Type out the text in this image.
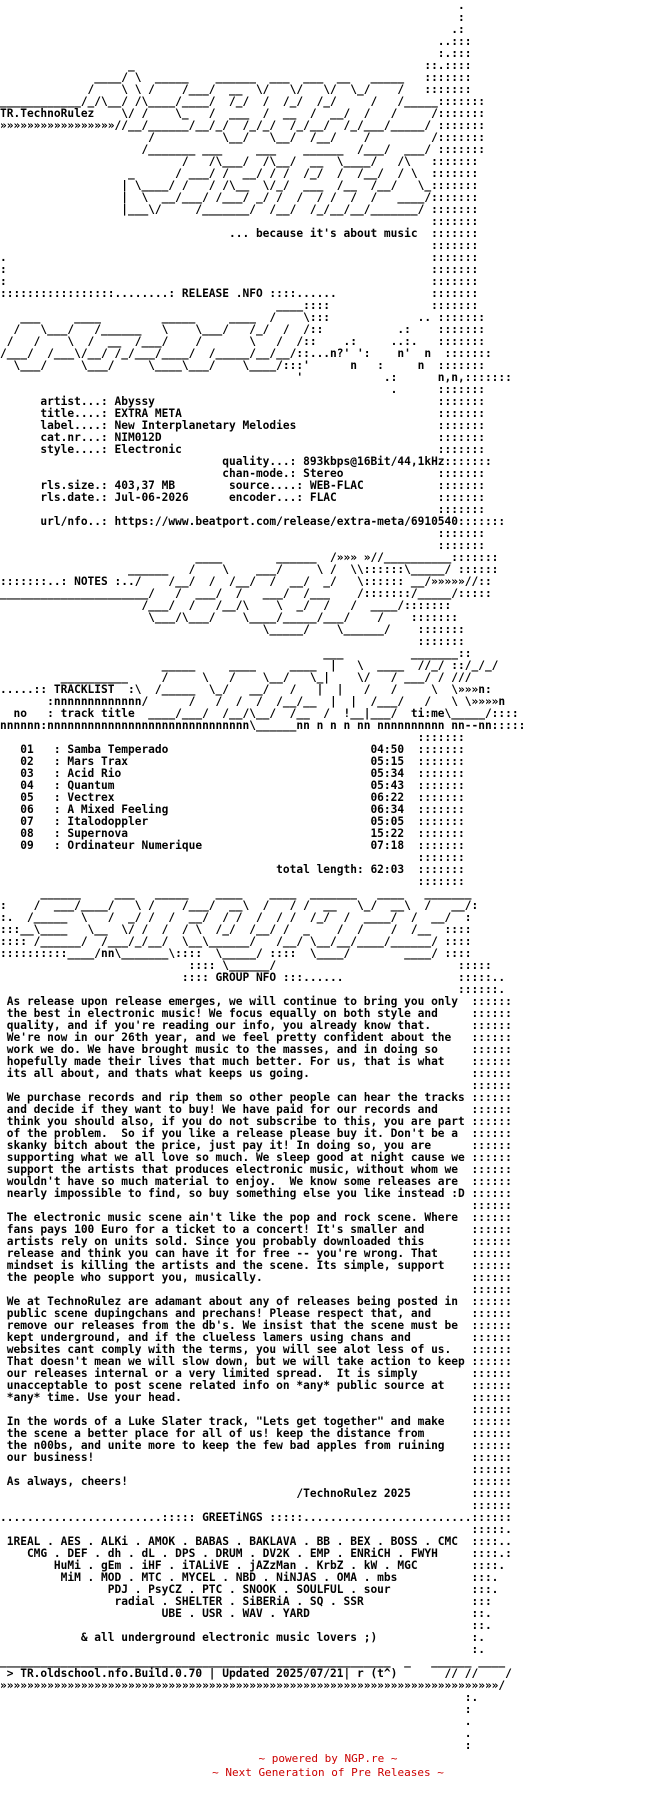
.
:
.:
..:::
:.:::
_                                           ::.::::
____/ \  _____    ______  ___  ___  __   _____   :::::::
/    \ \ /    /___/  __  \/   \/   \/  \_/    /   :::::::
____________/_/\__/ /\____/____/  /_/  /  /_/  /_/     /   /_____:::::::
TR.TechnoRulez    \/ /    \_   /  ___  /  __  /  __/  /   /     /:::::::
»»»»»»»»»»»»»»»»»//__/______/__/_/  /_/_/  /_/__/  /_/___/_____/ :::::::
/          \__/   \__/  /__/    /         /:::::::
/_______ ___     ___    ______  /___/  ___/ :::::::
/   /\___/  /\__/  __  \____/   /\   :::::::
_      / ___/ /  __/ / /  /_/  /  /__/  / \  :::::::
| \____/ /   / /\__  \/_/  ___  /__  /__/   \_:::::::
|  \  __/___/ /___/ _/ /  /  / /  /  /   ____/:::::::
|___\/     /_______/  /__/  /_/__/__/_______/ :::::::
:::::::
... because it's about music  :::::::
:::::::
.                                                               :::::::
:                                                               :::::::
:                                                               :::::::
:::::::::::::::::........: RELEASE .NFO ::::......              :::::::
____::::               :::::::
___     ____         _____     ____  /    \:::             .. :::::::
/   \___/   /______   \    \___/   /_/  /  /::           .:    :::::::
/   /    \  /  __  /___/    /       \   /  /::    .:     ..:.   :::::::
/___/  /___\/__/ /_/___/____/  /_____/__/__/::...n?' ':    n'  n  :::::::
\___/     \___/     \____\___/    \____/:::'      n   :     n  :::::::
'            .:      n,n,:::::::
.      :::::::
artist...: Abyssy                                          :::::::
title....: EXTRA META                                      :::::::
label....: New Interplanetary Melodies                     :::::::
cat.nr...: NIM012D                                         :::::::
style....: Electronic                                      :::::::
quality...: 893kbps@16Bit/44,1kHz:::::::
chan-mode.: Stereo              :::::::
rls.size.: 403,37 MB        source....: WEB-FLAC           :::::::
rls.date.: Jul-06-2026      encoder...: FLAC               :::::::
:::::::
url/nfo..: https://www.beatport.com/release/extra-meta/6910540:::::::
:::::::
:::::::
____        ______  /»»» »//__________:::::::
______   /    \    ___/     \ /  \\::::::\_____/ ::::::
:::::::..: NOTES :../    /__/  /  /__/  /  __/  _/   \:::::: __/»»»»»//::
______________________/   /  ___/  /   ___/  /___    /:::::::/_____/:::::
/___/  /   /__/\    \  _/  /   /  ____/:::::::
\___/\___/    \____/_____/___/    /    :::::::
\_____/    \______/    :::::::
:::::::
___          _______::
_____     ____     ____  |   \  ____  //_/ ::/_/_/
__________     /     \   /    \__/   \_|    \/   / ___/ / ///
.....:: TRACKLIST  :\  /_____  \_/   __/   /   |  |   /   /     \  \»»»n:
:nnnnnnnnnnnnn/      /   /  /  /  /__/__  |  |  /___/   /   \ \»»»»n
no   : track title  ____/___/  /__/\__/  /__  /  !__|___/  ti:me\_____/::::
nnnnnn:nnnnnnnnnnnnnnnnnnnnnnnnnnnnnn\______nn n n n nn nnnnnnnnnn nn--nn:::::
:::::::
01   : Samba Temperado                              04:50  :::::::
02   : Mars Trax                                    05:15  :::::::
03   : Acid Rio                                     05:34  :::::::
04   : Quantum                                      05:43  :::::::
05   : Vectrex                                      06:22  :::::::
06   : A Mixed Feeling                              06:34  :::::::
07   : Italodoppler                                 05:05  :::::::
08   : Supernova                                    15:22  :::::::
09   : Ordinateur Numerique                         07:18  :::::::
:::::::
total length: 62:03  :::::::
:::::::
______     ___   _____    ____    ____  _______   ____   _______
:    /  ___/____/   \ /    /___/  __\  /   / /  __   \_/  __\  /   __/:
:.  /_____  \   /  _/ /  /  __/  / /  /  / /  /_/  /  ____/  /  __/  :
:::__\____   \__  \/ /  /  / \  /_/  /__/ /  _    /  /    /  /__  ::::
:::: /______/  /___/_/__/  \__\______/   /__/ \__/__/____/______/ ::::
::::::::::____/nn\_______\::::  \_____/ ::::  \____/        ____/ ::::
:::: \______/                           :::::
:::: GROUP NFO :::......                 :::::..
::::::.
As release upon release emerges, we will continue to bring you only  ::::::
the best in electronic music! We focus equally on both style and     ::::::
quality, and if you're reading our info, you already know that.      ::::::
We're now in our 26th year, and we feel pretty confident about the   ::::::
work we do. We have brought music to the masses, and in doing so     ::::::
hopefully made their lives that much better. For us, that is what    ::::::
its all about, and thats what keeps us going.                        ::::::
::::::
We purchase records and rip them so other people can hear the tracks ::::::
and decide if they want to buy! We have paid for our records and     ::::::
think you should also, if you do not subscribe to this, you are part ::::::
of the problem.  So if you like a release please buy it. Don't be a  ::::::
skanky bitch about the price, just pay it! In doing so, you are      ::::::
supporting what we all love so much. We sleep good at night cause we ::::::
support the artists that produces electronic music, without whom we  ::::::
wouldn't have so much material to enjoy.  We know some releases are  ::::::
nearly impossible to find, so buy something else you like instead :D ::::::
::::::
The electronic music scene ain't like the pop and rock scene. Where  ::::::
fans pays 100 Euro for a ticket to a concert! It's smaller and       ::::::
artists rely on units sold. Since you probably downloaded this       ::::::
release and think you can have it for free -- you're wrong. That     ::::::
mindset is killing the artists and the scene. Its simple, support    ::::::
the people who support you, musically.                               ::::::
::::::
We at TechnoRulez are adamant about any of releases being posted in  ::::::
public scene dupingchans and prechans! Please respect that, and      ::::::
remove our releases from the db's. We insist that the scene must be  ::::::
kept underground, and if the clueless lamers using chans and         ::::::
websites cant comply with the terms, you will see alot less of us.   ::::::
That doesn't mean we will slow down, but we will take action to keep ::::::
our releases internal or a very limited spread.  It is simply        ::::::
unacceptable to post scene related info on *any* public source at    ::::::
*any* time. Use your head.                                           ::::::
::::::
In the words of a Luke Slater track, "Lets get together" and make    ::::::
the scene a better place for all of us! keep the distance from       ::::::
the n00bs, and unite more to keep the few bad apples from ruining    ::::::
our business!                                                        ::::::
::::::
As always, cheers!                                                   ::::::
/TechnoRulez 2025         ::::::
::::::
........................::::: GREETiNGS :::::.........................::::::
:::::.
1REAL . AES . ALKi . AMOK . BABAS . BAKLAVA . BB . BEX . BOSS . CMC  ::::..
CMG . DEF . dh . dL . DPS . DRUM . DV2K . EMP . ENRiCH . FWYH     ::::.:
HuMi . gEm . iHF . iTALiVE . jAZzMan . KrbZ . kW . MGC        ::::.
MiM . MOD . MTC . MYCEL . NBD . NiNJAS . OMA . mbs           :::.
PDJ . PsyCZ . PTC . SNOOK . SOULFUL . sour            :::.
radial . SHELTER . SiBERiA . SQ . SSR                :::
UBE . USR . WAV . YARD                        ::.
::.
& all underground electronic music lovers ;)              :.
:.
__________________________________________________________  _   ______ ____
> TR.oldschool.nfo.Build.0.70 | Updated 2025/07/21| r (t^)       // //    /
»»»»»»»»»»»»»»»»»»»»»»»»»»»»»»»»»»»»»»»»»»»»»»»»»»»»»»»»»»»»»»»»»»»»»»»»»»/
:.
:
.
.
:
~ powered by NGP.re ~
~ Next Generation of Pre Releases ~
